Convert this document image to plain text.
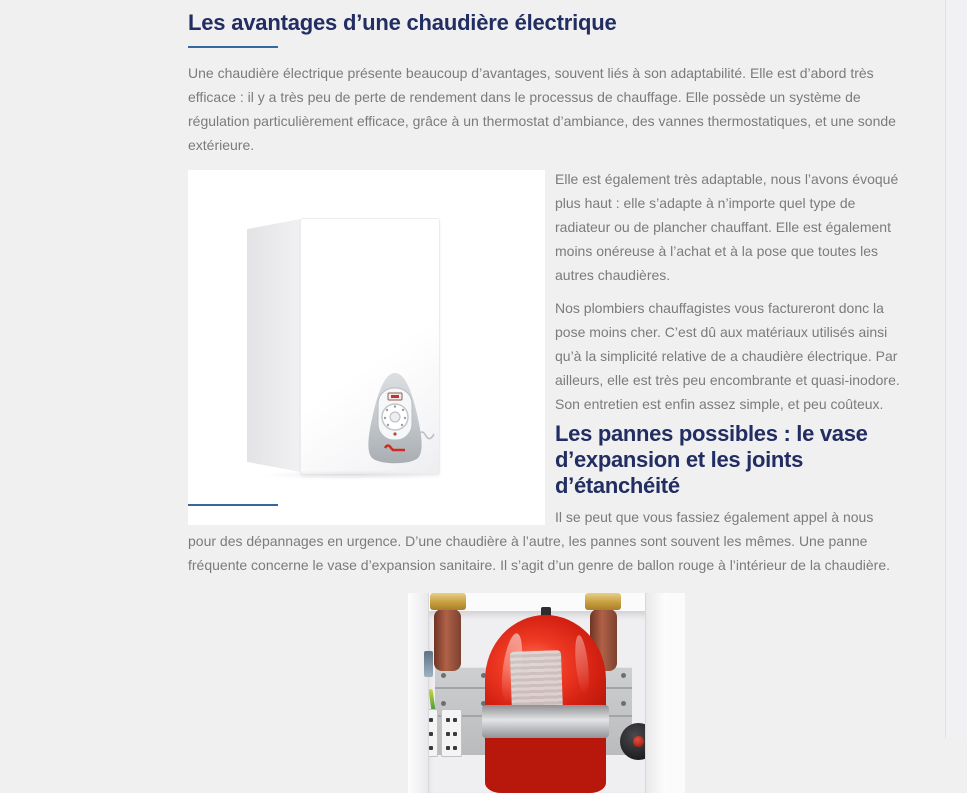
Les avantages d’une chaudière électrique

Une chaudière électrique présente beaucoup d’avantages, souvent liés à son adaptabilité. Elle est d’abord très efficace : il y a très peu de perte de rendement dans le processus de chauffage. Elle possède un système de régulation particulièrement efficace, grâce à un thermostat d’ambiance, des vannes thermostatiques, et une sonde extérieure.

Elle est également très adaptable, nous l’avons évoqué plus haut : elle s’adapte à n’importe quel type de radiateur ou de plancher chauffant. Elle est également moins onéreuse à l’achat et à la pose que toutes les autres chaudières.

Nos plombiers chauffagistes vous factureront donc la pose moins cher. C’est dû aux matériaux utilisés ainsi qu’à la simplicité relative de a chaudière électrique. Par ailleurs, elle est très peu encombrante et quasi-inodore. Son entretien est enfin assez simple, et peu coûteux.

Les pannes possibles : le vase d’expansion et les joints d’étanchéité

Il se peut que vous fassiez également appel à nous pour des dépannages en urgence. D’une chaudière à l’autre, les pannes sont souvent les mêmes. Une panne fréquente concerne le vase d’expansion sanitaire. Il s’agit d’un genre de ballon rouge à l’intérieur de la chaudière.
